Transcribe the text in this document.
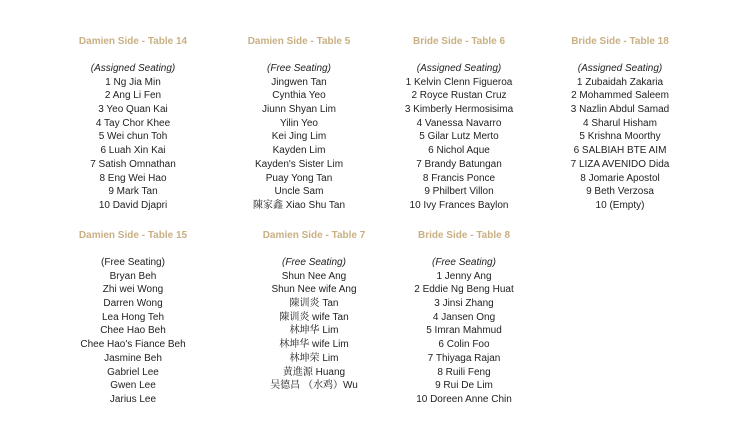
Damien Side - Table 14
(Assigned Seating)
1 Ng Jia Min
2 Ang Li Fen
3 Yeo Quan Kai
4 Tay Chor Khee
5 Wei chun Toh
6 Luah Xin Kai
7 Satish Omnathan
8 Eng Wei Hao
9 Mark Tan
10 David Djapri
Damien Side - Table 5
(Free Seating)
Jingwen Tan
Cynthia Yeo
Jiunn Shyan Lim
Yilin Yeo
Kei Jing Lim
Kayden Lim
Kayden's Sister Lim
Puay Yong Tan
Uncle Sam
陳家鑫 Xiao Shu Tan
Bride Side - Table 6
(Assigned Seating)
1 Kelvin Clenn Figueroa
2 Royce Rustan Cruz
3 Kimberly Hermosisima
4 Vanessa Navarro
5 Gilar Lutz Merto
6 Nichol Aque
7 Brandy Batungan
8 Francis Ponce
9 Philbert Villon
10 Ivy Frances Baylon
Bride Side - Table 18
(Assigned Seating)
1 Zubaidah Zakaria
2 Mohammed Saleem
3 Nazlin Abdul Samad
4 Sharul Hisham
5 Krishna Moorthy
6 SALBIAH BTE AIM
7 LIZA AVENIDO Dida
8 Jomarie Apostol
9 Beth Verzosa
10 (Empty)
Damien Side - Table 15
(Free Seating)
Bryan Beh
Zhi wei Wong
Darren Wong
Lea Hong Teh
Chee Hao Beh
Chee Hao's Fiance Beh
Jasmine Beh
Gabriel Lee
Gwen Lee
Jarius Lee
Damien Side - Table 7
(Free Seating)
Shun Nee Ang
Shun Nee wife Ang
陳训炎 Tan
陳训炎 wife Tan
林坤华 Lim
林坤华 wife Lim
林坤荣 Lim
黄進源 Huang
吴德昌 （水鸡）Wu
Bride Side - Table 8
(Free Seating)
1 Jenny Ang
2 Eddie Ng Beng Huat
3 Jinsi Zhang
4 Jansen Ong
5 Imran Mahmud
6 Colin Foo
7 Thiyaga Rajan
8 Ruili Feng
9 Rui De Lim
10 Doreen Anne Chin
